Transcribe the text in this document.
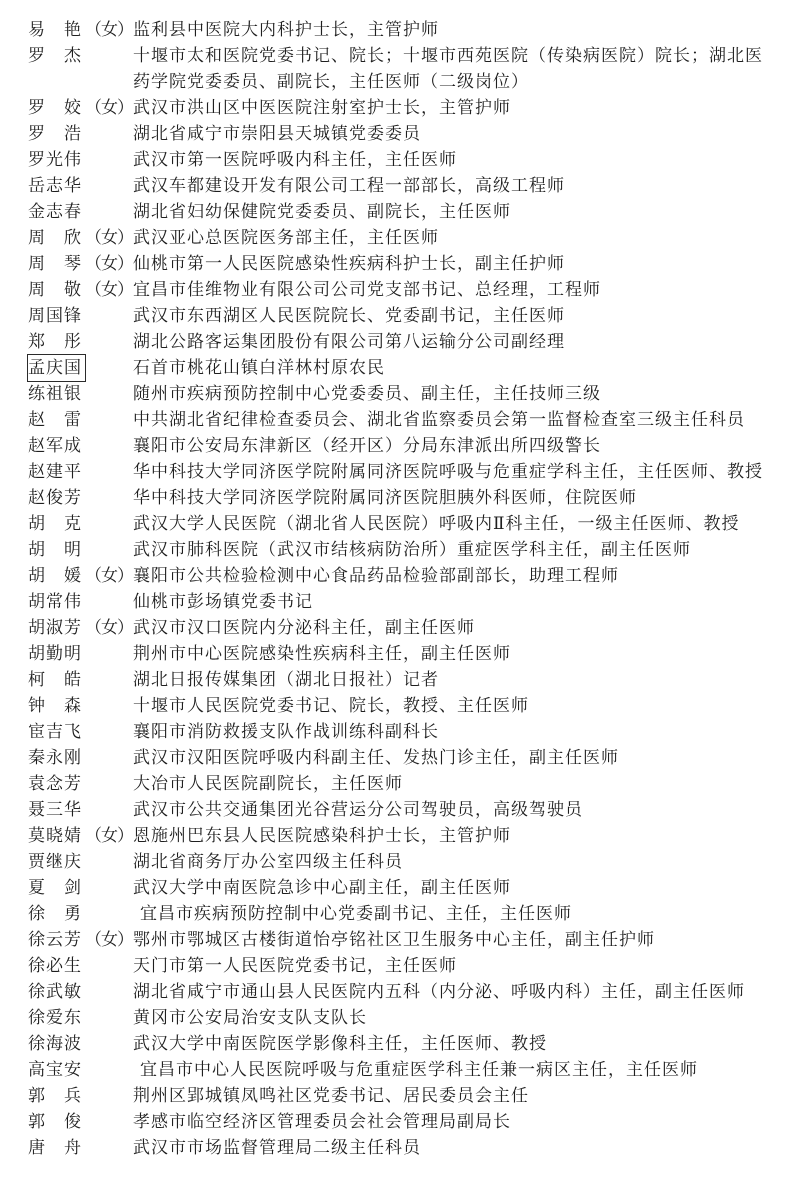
易　艳 （女） 监利县中医院大内科护士长，主管护师
罗　杰	十堰市太和医院党委书记、院长；十堰市西苑医院（传染病医院）院长；湖北医药学院党委委员、副院长，主任医师（二级岗位）
罗　姣 （女） 武汉市洪山区中医医院注射室护士长，主管护师
罗　浩	湖北省咸宁市崇阳县天城镇党委委员
罗光伟	武汉市第一医院呼吸内科主任，主任医师
岳志华	武汉车都建设开发有限公司工程一部部长，高级工程师
金志春	湖北省妇幼保健院党委委员、副院长，主任医师
周　欣 （女） 武汉亚心总医院医务部主任，主任医师
周　琴 （女） 仙桃市第一人民医院感染性疾病科护士长，副主任护师
周　敬 （女） 宜昌市佳维物业有限公司公司党支部书记、总经理，工程师
周国锋	武汉市东西湖区人民医院院长、党委副书记，主任医师
郑　彤	湖北公路客运集团股份有限公司第八运输分公司副经理
孟庆国	石首市桃花山镇白洋林村原农民
练祖银	随州市疾病预防控制中心党委委员、副主任，主任技师三级
赵　雷	中共湖北省纪律检查委员会、湖北省监察委员会第一监督检查室三级主任科员
赵军成	襄阳市公安局东津新区（经开区）分局东津派出所四级警长
赵建平	华中科技大学同济医学院附属同济医院呼吸与危重症学科主任，主任医师、教授
赵俊芳	华中科技大学同济医学院附属同济医院胆胰外科医师，住院医师
胡　克	武汉大学人民医院（湖北省人民医院）呼吸内Ⅱ科主任，一级主任医师、教授
胡　明	武汉市肺科医院（武汉市结核病防治所）重症医学科主任，副主任医师
胡　媛 （女） 襄阳市公共检验检测中心食品药品检验部副部长，助理工程师
胡常伟	仙桃市彭场镇党委书记
胡淑芳 （女） 武汉市汉口医院内分泌科主任，副主任医师
胡勤明	荆州市中心医院感染性疾病科主任，副主任医师
柯　皓	湖北日报传媒集团（湖北日报社）记者
钟　森	十堰市人民医院党委书记、院长，教授、主任医师
宦吉飞	襄阳市消防救援支队作战训练科副科长
秦永刚	武汉市汉阳医院呼吸内科副主任、发热门诊主任，副主任医师
袁念芳	大冶市人民医院副院长，主任医师
聂三华	武汉市公共交通集团光谷营运分公司驾驶员，高级驾驶员
莫晓婧 （女） 恩施州巴东县人民医院感染科护士长，主管护师
贾继庆	湖北省商务厅办公室四级主任科员
夏　剑	武汉大学中南医院急诊中心副主任，副主任医师
徐　勇	宜昌市疾病预防控制中心党委副书记、主任，主任医师
徐云芳 （女） 鄂州市鄂城区古楼街道怡亭铭社区卫生服务中心主任，副主任护师
徐必生	天门市第一人民医院党委书记，主任医师
徐武敏	湖北省咸宁市通山县人民医院内五科（内分泌、呼吸内科）主任，副主任医师
徐爱东	黄冈市公安局治安支队支队长
徐海波	武汉大学中南医院医学影像科主任，主任医师、教授
高宝安	宜昌市中心人民医院呼吸与危重症医学科主任兼一病区主任，主任医师
郭　兵	荆州区郢城镇凤鸣社区党委书记、居民委员会主任
郭　俊	孝感市临空经济区管理委员会社会管理局副局长
唐　舟	武汉市市场监督管理局二级主任科员
